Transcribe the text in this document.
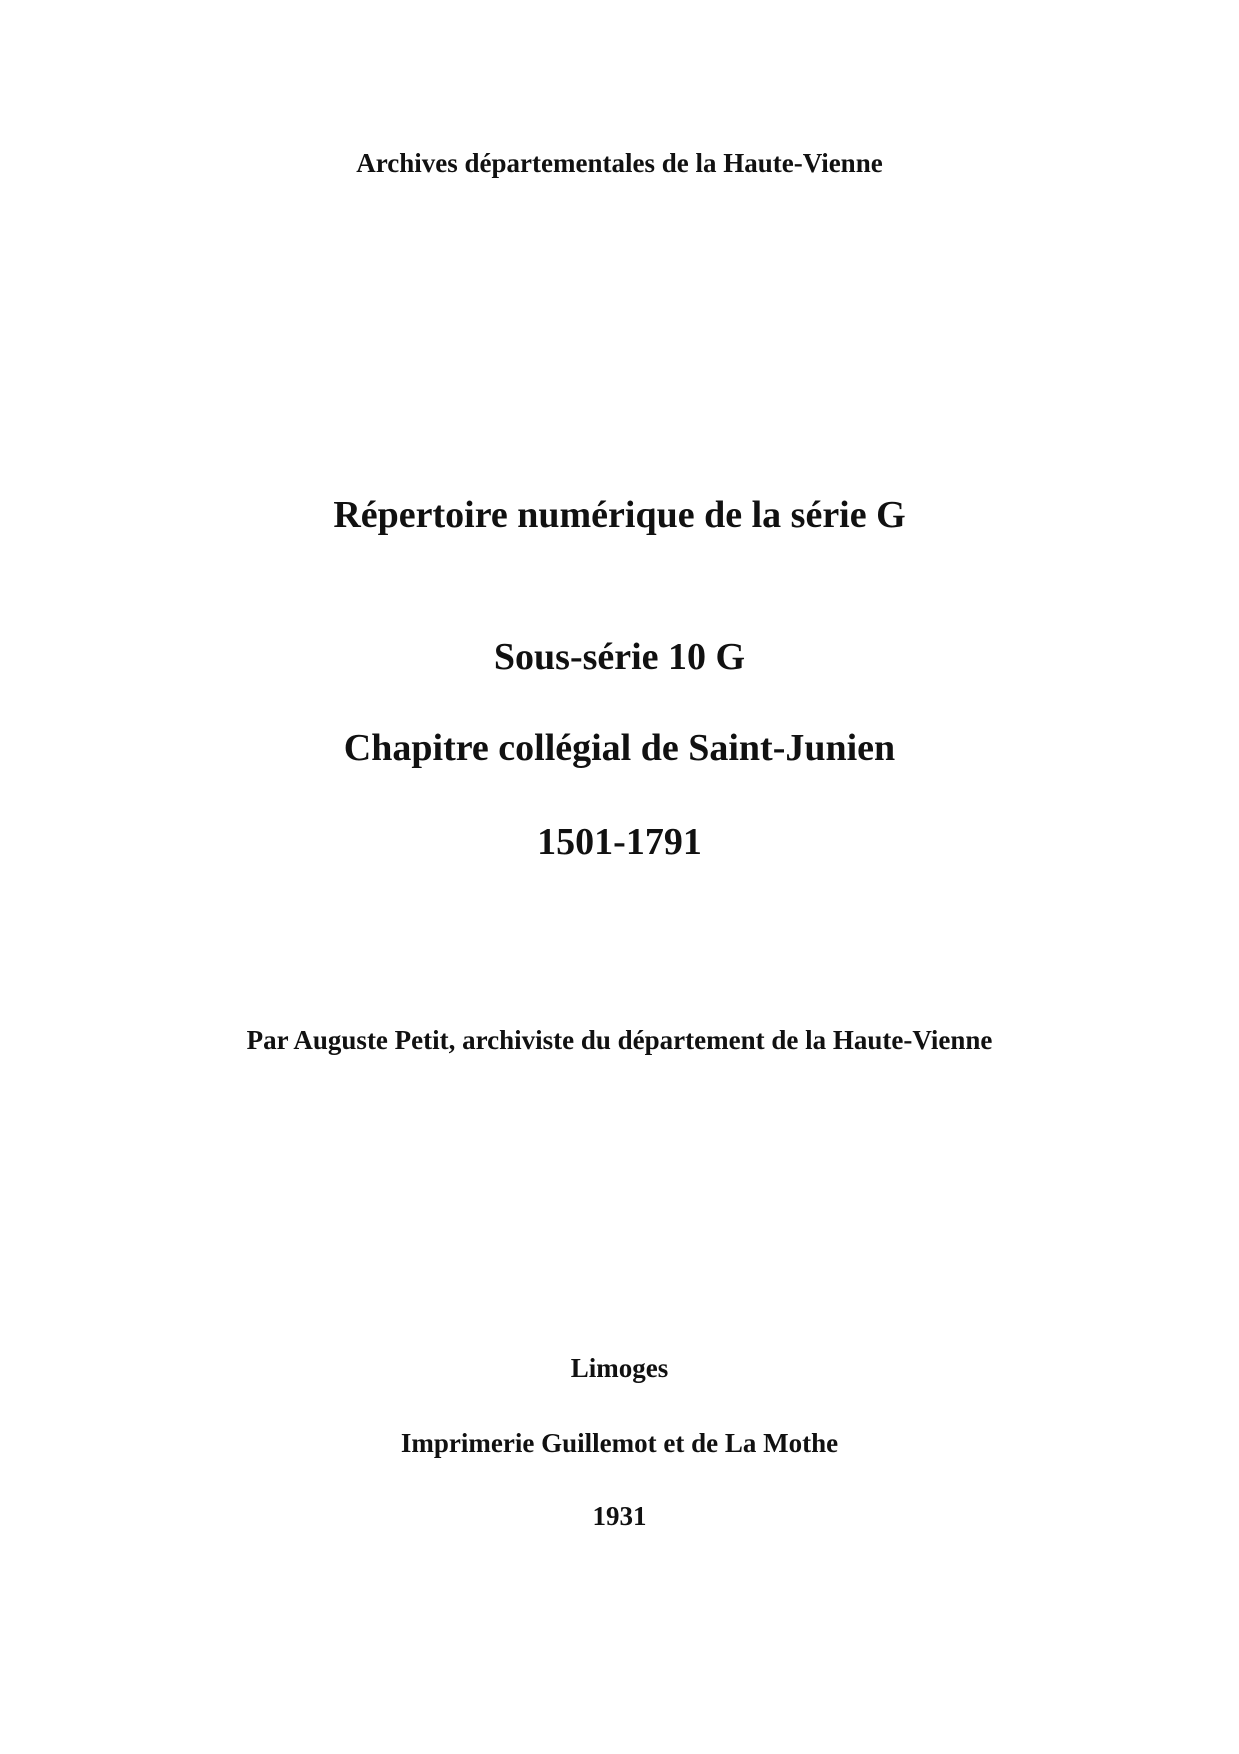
Archives départementales de la Haute-Vienne
Répertoire numérique de la série G
Sous-série 10 G
Chapitre collégial de Saint-Junien
1501-1791
Par Auguste Petit, archiviste du département de la Haute-Vienne
Limoges
Imprimerie Guillemot et de La Mothe
1931
